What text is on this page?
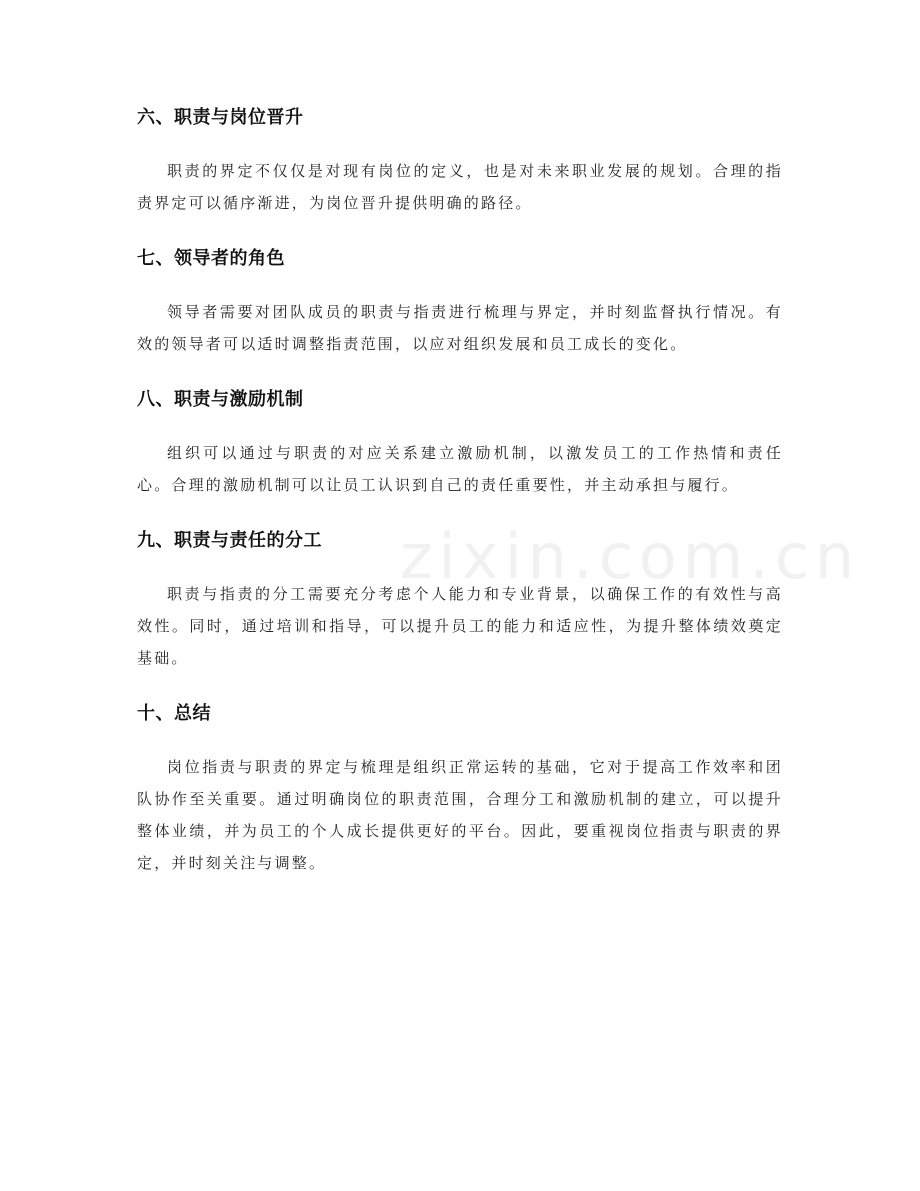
六、职责与岗位晋升

职责的界定不仅仅是对现有岗位的定义，也是对未来职业发展的规划。合理的指责界定可以循序渐进，为岗位晋升提供明确的路径。

七、领导者的角色

领导者需要对团队成员的职责与指责进行梳理与界定，并时刻监督执行情况。有效的领导者可以适时调整指责范围，以应对组织发展和员工成长的变化。

八、职责与激励机制

组织可以通过与职责的对应关系建立激励机制，以激发员工的工作热情和责任心。合理的激励机制可以让员工认识到自己的责任重要性，并主动承担与履行。

九、职责与责任的分工

职责与指责的分工需要充分考虑个人能力和专业背景，以确保工作的有效性与高效性。同时，通过培训和指导，可以提升员工的能力和适应性，为提升整体绩效奠定基础。

十、总结

岗位指责与职责的界定与梳理是组织正常运转的基础，它对于提高工作效率和团队协作至关重要。通过明确岗位的职责范围，合理分工和激励机制的建立，可以提升整体业绩，并为员工的个人成长提供更好的平台。因此，要重视岗位指责与职责的界定，并时刻关注与调整。

zixin.com.cn
